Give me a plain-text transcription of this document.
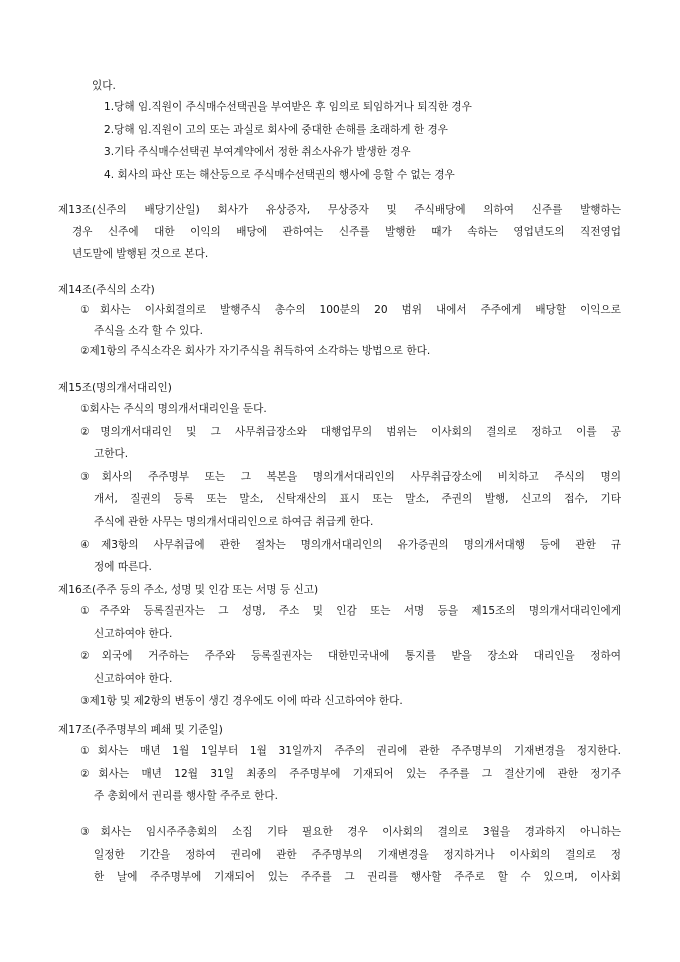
있다.
1.당해 임.직원이 주식매수선택권을 부여받은 후 임의로 퇴임하거나 퇴직한 경우
2.당해 임.직원이 고의 또는 과실로 회사에 중대한 손해를 초래하게 한 경우
3.기타 주식매수선택권 부여계약에서 정한 취소사유가 발생한 경우
4. 회사의 파산 또는 해산등으로 주식매수선택권의 행사에 응할 수 없는 경우
제13조(신주의 배당기산일) 회사가 유상증자, 무상증자 및 주식배당에 의하여 신주를 발행하는
경우 신주에 대한 이익의 배당에 관하여는 신주를 발행한 때가 속하는 영업년도의 직전영업
년도말에 발행된 것으로 본다.
제14조(주식의 소각)
①회사는 이사회결의로 발행주식 총수의 100분의 20 범위 내에서 주주에게 배당할 이익으로
주식을 소각 할 수 있다.
②제1항의 주식소각은 회사가 자기주식을 취득하여 소각하는 방법으로 한다.
제15조(명의개서대리인)
①회사는 주식의 명의개서대리인을 둔다.
②명의개서대리인 및 그 사무취급장소와 대행업무의 범위는 이사회의 결의로 정하고 이를 공
고한다.
③회사의 주주명부 또는 그 복본을 명의개서대리인의 사무취급장소에 비치하고 주식의 명의
개서, 질권의 등록 또는 말소, 신탁재산의 표시 또는 말소, 주권의 발행, 신고의 접수, 기타
주식에 관한 사무는 명의개서대리인으로 하여금 취급케 한다.
④제3항의 사무취급에 관한 절차는 명의개서대리인의 유가증권의 명의개서대행 등에 관한 규
정에 따른다.
제16조(주주 등의 주소, 성명 및 인감 또는 서명 등 신고)
①주주와 등록질권자는 그 성명, 주소 및 인감 또는 서명 등을 제15조의 명의개서대리인에게
신고하여야 한다.
②외국에 거주하는 주주와 등록질권자는 대한민국내에 통지를 받을 장소와 대리인을 정하여
신고하여야 한다.
③제1항 및 제2항의 변동이 생긴 경우에도 이에 따라 신고하여야 한다.
제17조(주주명부의 폐쇄 및 기준일)
①회사는 매년 1월 1일부터 1월 31일까지 주주의 권리에 관한 주주명부의 기재변경을 정지한다.
②회사는 매년 12월 31일 최종의 주주명부에 기재되어 있는 주주를 그 결산기에 관한 정기주
주 총회에서 권리를 행사할 주주로 한다.
③회사는 임시주주총회의 소집 기타 필요한 경우 이사회의 결의로 3월을 경과하지 아니하는
일정한 기간을 정하여 권리에 관한 주주명부의 기재변경을 정지하거나 이사회의 결의로 정
한 날에 주주명부에 기재되어 있는 주주를 그 권리를 행사할 주주로 할 수 있으며, 이사회
